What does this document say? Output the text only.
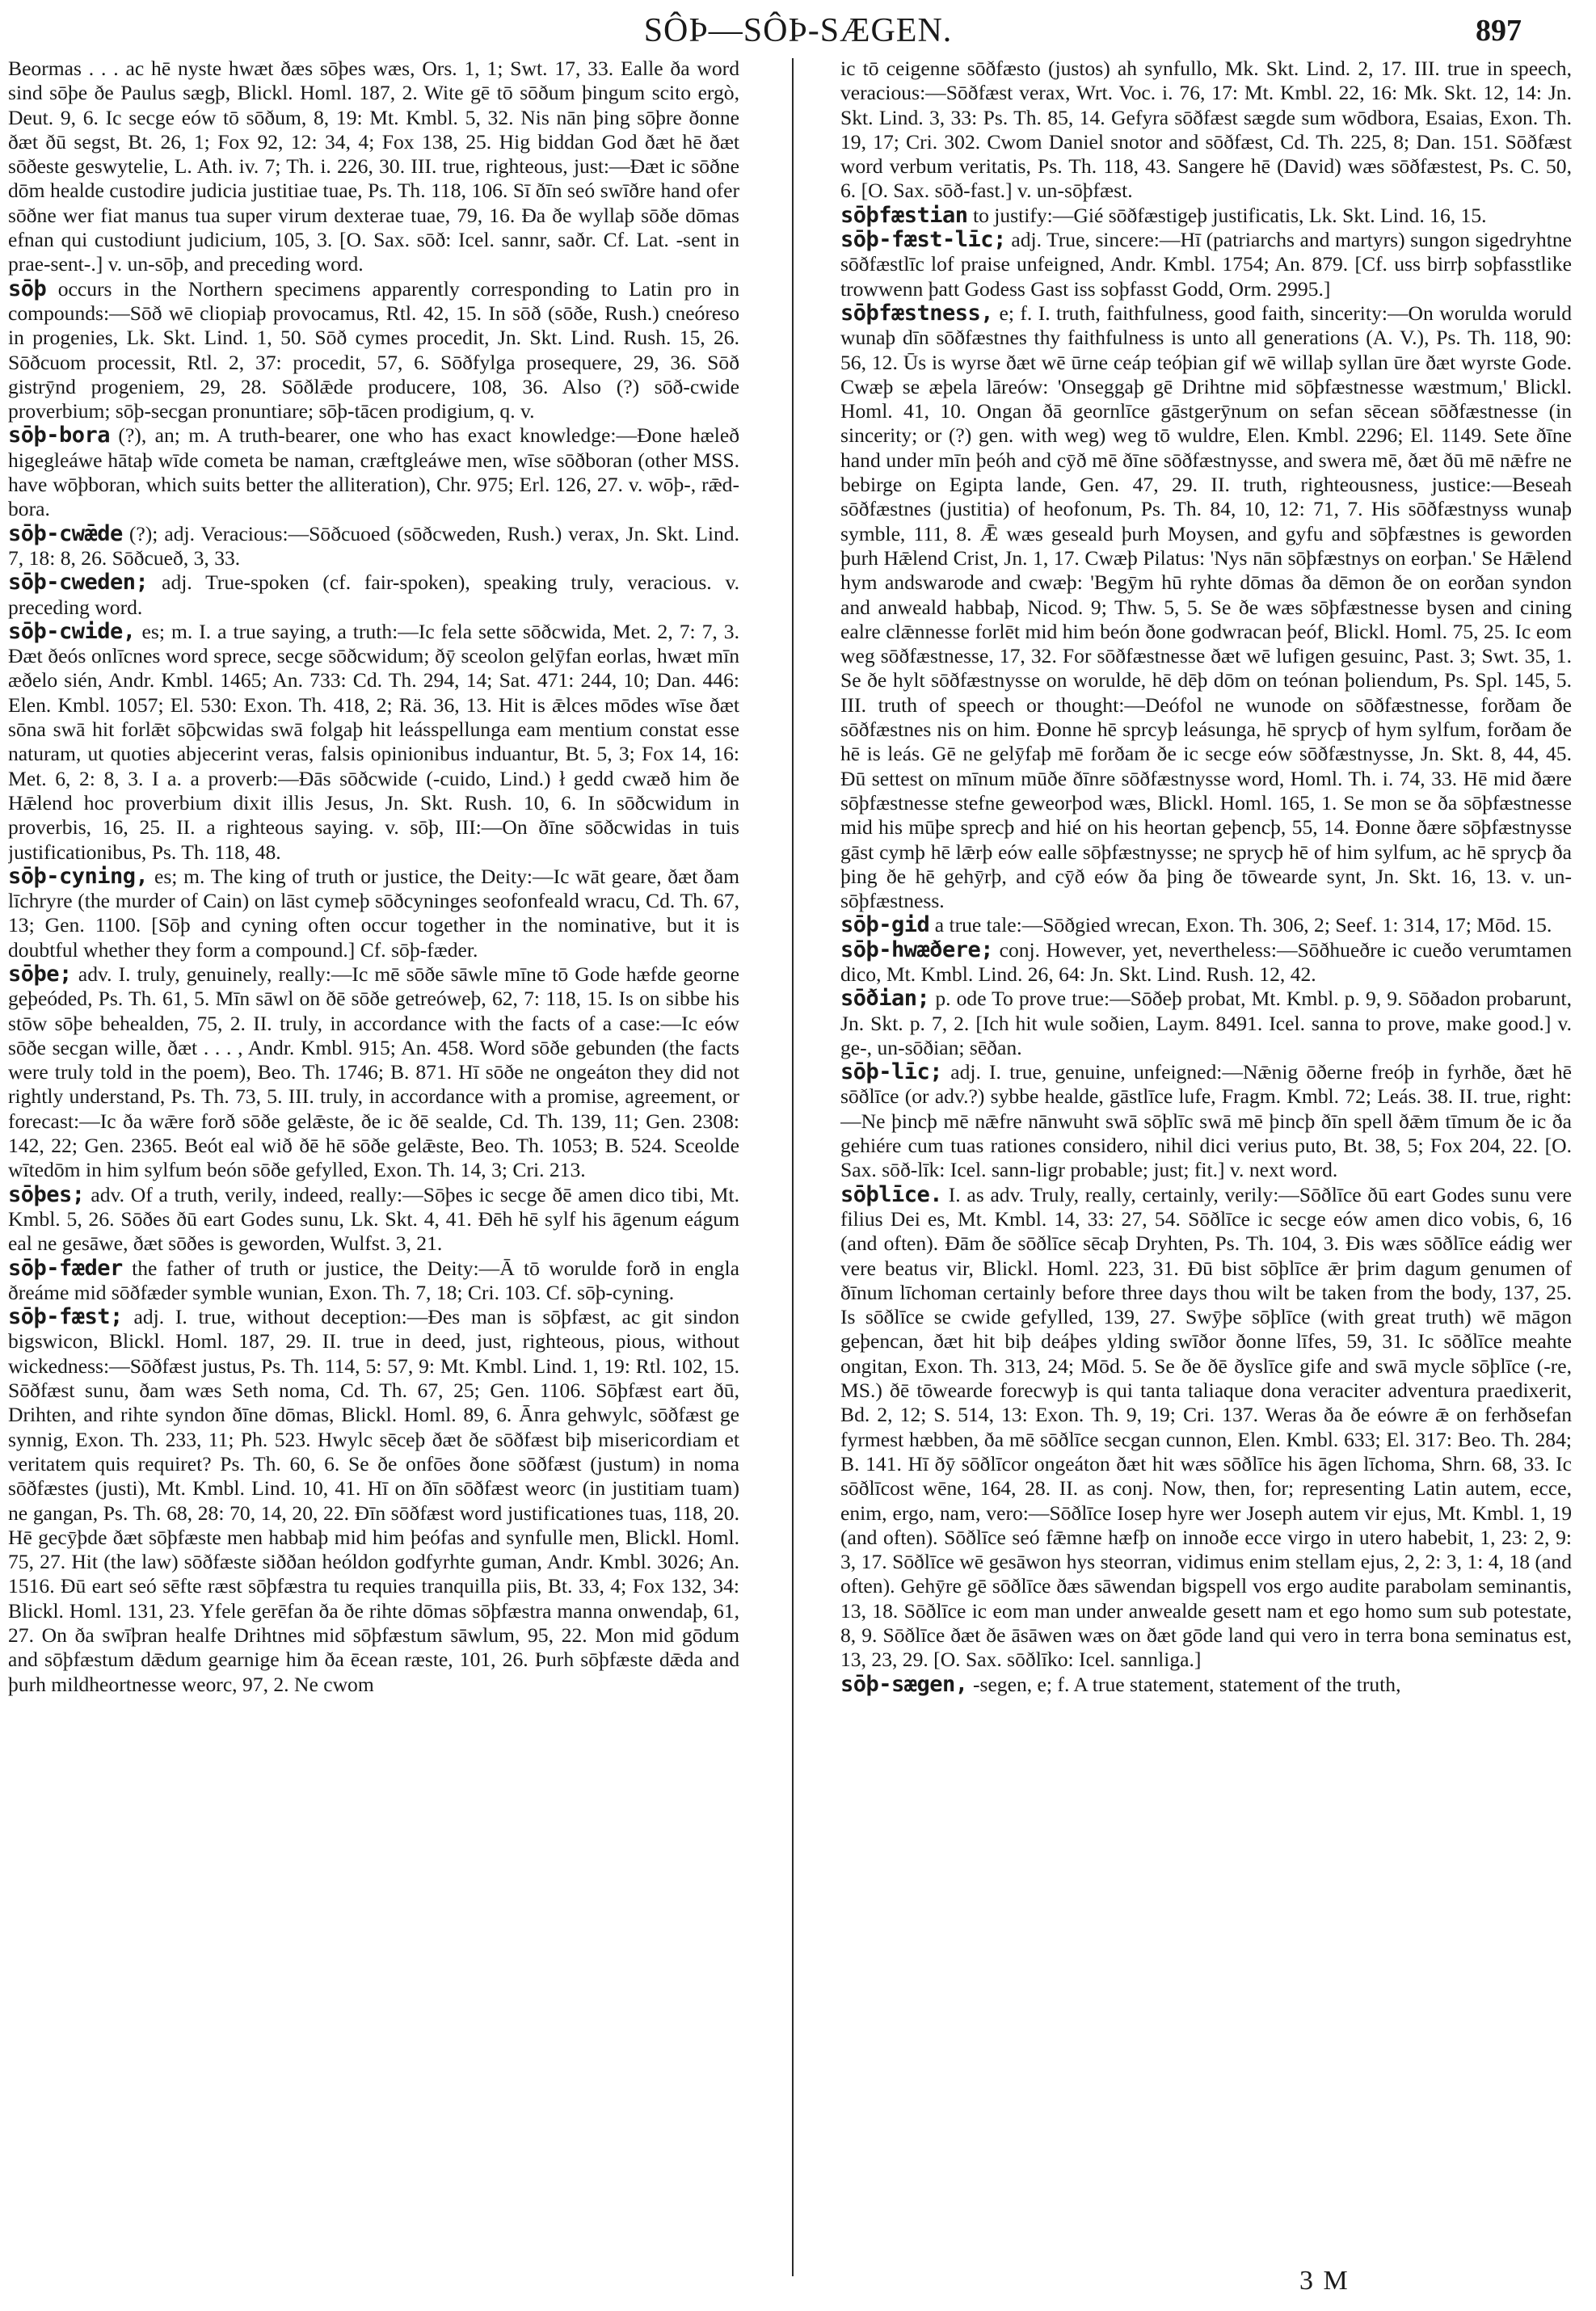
SÔÞ—SÔÞ-SÆGEN.	897

Beormas . . . ac hē nyste hwæt ðæs sōþes wæs, Ors. 1, 1; Swt. 17, 33. Ealle ða word sind sōþe ðe Paulus sægþ, Blickl. Homl. 187, 2. Wite gē tō sōðum þingum scito ergò, Deut. 9, 6. Ic secge eów tō sōðum, 8, 19: Mt. Kmbl. 5, 32. Nis nān þing sōþre ðonne ðæt ðū segst, Bt. 26, 1; Fox 92, 12: 34, 4; Fox 138, 25. Hig biddan God ðæt hē ðæt sōðeste geswytelie, L. Ath. iv. 7; Th. i. 226, 30. III. true, righteous, just:—Ðæt ic sōðne dōm healde custodire judicia justitiae tuae, Ps. Th. 118, 106. Sī ðīn seó swīðre hand ofer sōðne wer fiat manus tua super virum dexterae tuae, 79, 16. Ða ðe wyllaþ sōðe dōmas efnan qui custodiunt judicium, 105, 3. [O. Sax. sōð: Icel. sannr, saðr. Cf. Lat. -sent in prae-sent-.] v. un-sōþ, and preceding word.

sōþ occurs in the Northern specimens apparently corresponding to Latin pro in compounds:—Sōð wē cliopiaþ provocamus, Rtl. 42, 15. In sōð (sōðe, Rush.) cneóreso in progenies, Lk. Skt. Lind. 1, 50. Sōð cymes procedit, Jn. Skt. Lind. Rush. 15, 26. Sōðcuom processit, Rtl. 2, 37: procedit, 57, 6. Sōðfylga prosequere, 29, 36. Sōð gistrȳnd progeniem, 29, 28. Sōðlǣde producere, 108, 36. Also (?) sōð-cwide proverbium; sōþ-secgan pronuntiare; sōþ-tācen prodigium, q. v.

sōþ-bora (?), an; m. A truth-bearer, one who has exact knowledge:—Ðone hæleð higegleáwe hātaþ wīde cometa be naman, cræftgleáwe men, wīse sōðboran (other MSS. have wōþboran, which suits better the alliteration), Chr. 975; Erl. 126, 27. v. wōþ-, rǣd-bora.

sōþ-cwǣde (?); adj. Veracious:—Sōðcuoed (sōðcweden, Rush.) verax, Jn. Skt. Lind. 7, 18: 8, 26. Sōðcueð, 3, 33.

sōþ-cweden; adj. True-spoken (cf. fair-spoken), speaking truly, veracious. v. preceding word.

sōþ-cwide, es; m. I. a true saying, a truth:—Ic fela sette sōðcwida, Met. 2, 7: 7, 3. Ðæt ðeós onlīcnes word sprece, secge sōðcwidum; ðȳ sceolon gelȳfan eorlas, hwæt mīn æðelo sién, Andr. Kmbl. 1465; An. 733: Cd. Th. 294, 14; Sat. 471: 244, 10; Dan. 446: Elen. Kmbl. 1057; El. 530: Exon. Th. 418, 2; Rä. 36, 13. Hit is ǣlces mōdes wīse ðæt sōna swā hit forlǣt sōþcwidas swā folgaþ hit leásspellunga eam mentium constat esse naturam, ut quoties abjecerint veras, falsis opinionibus induantur, Bt. 5, 3; Fox 14, 16: Met. 6, 2: 8, 3. I a. a proverb:—Ðās sōðcwide (-cuido, Lind.) ł gedd cwæð him ðe Hǣlend hoc proverbium dixit illis Jesus, Jn. Skt. Rush. 10, 6. In sōðcwidum in proverbis, 16, 25. II. a righteous saying. v. sōþ, III:—On ðīne sōðcwidas in tuis justificationibus, Ps. Th. 118, 48.

sōþ-cyning, es; m. The king of truth or justice, the Deity:—Ic wāt geare, ðæt ðam līchryre (the murder of Cain) on lāst cymeþ sōðcyninges seofonfeald wracu, Cd. Th. 67, 13; Gen. 1100. [Sōþ and cyning often occur together in the nominative, but it is doubtful whether they form a compound.] Cf. sōþ-fæder.

sōþe; adv. I. truly, genuinely, really:—Ic mē sōðe sāwle mīne tō Gode hæfde georne geþeóded, Ps. Th. 61, 5. Mīn sāwl on ðē sōðe getreóweþ, 62, 7: 118, 15. Is on sibbe his stōw sōþe behealden, 75, 2. II. truly, in accordance with the facts of a case:—Ic eów sōðe secgan wille, ðæt . . . , Andr. Kmbl. 915; An. 458. Word sōðe gebunden (the facts were truly told in the poem), Beo. Th. 1746; B. 871. Hī sōðe ne ongeáton they did not rightly understand, Ps. Th. 73, 5. III. truly, in accordance with a promise, agreement, or forecast:—Ic ða wǣre forð sōðe gelǣste, ðe ic ðē sealde, Cd. Th. 139, 11; Gen. 2308: 142, 22; Gen. 2365. Beót eal wið ðē hē sōðe gelǣste, Beo. Th. 1053; B. 524. Sceolde wītedōm in him sylfum beón sōðe gefylled, Exon. Th. 14, 3; Cri. 213.

sōþes; adv. Of a truth, verily, indeed, really:—Sōþes ic secge ðē amen dico tibi, Mt. Kmbl. 5, 26. Sōðes ðū eart Godes sunu, Lk. Skt. 4, 41. Ðēh hē sylf his āgenum eágum eal ne gesāwe, ðæt sōðes is geworden, Wulfst. 3, 21.

sōþ-fæder the father of truth or justice, the Deity:—Ā tō worulde forð in engla ðreáme mid sōðfæder symble wunian, Exon. Th. 7, 18; Cri. 103. Cf. sōþ-cyning.

sōþ-fæst; adj. I. true, without deception:—Ðes man is sōþfæst, ac git sindon bigswicon, Blickl. Homl. 187, 29. II. true in deed, just, righteous, pious, without wickedness:—Sōðfæst justus, Ps. Th. 114, 5: 57, 9: Mt. Kmbl. Lind. 1, 19: Rtl. 102, 15. Sōðfæst sunu, ðam wæs Seth noma, Cd. Th. 67, 25; Gen. 1106. Sōþfæst eart ðū, Drihten, and rihte syndon ðīne dōmas, Blickl. Homl. 89, 6. Ānra gehwylc, sōðfæst ge synnig, Exon. Th. 233, 11; Ph. 523. Hwylc sēceþ ðæt ðe sōðfæst biþ misericordiam et veritatem quis requiret? Ps. Th. 60, 6. Se ðe onfōes ðone sōðfæst (justum) in noma sōðfæstes (justi), Mt. Kmbl. Lind. 10, 41. Hī on ðīn sōðfæst weorc (in justitiam tuam) ne gangan, Ps. Th. 68, 28: 70, 14, 20, 22. Ðīn sōðfæst word justificationes tuas, 118, 20. Hē gecȳþde ðæt sōþfæste men habbaþ mid him þeófas and synfulle men, Blickl. Homl. 75, 27. Hit (the law) sōðfæste siððan heóldon godfyrhte guman, Andr. Kmbl. 3026; An. 1516. Ðū eart seó sēfte ræst sōþfæstra tu requies tranquilla piis, Bt. 33, 4; Fox 132, 34: Blickl. Homl. 131, 23. Yfele gerēfan ða ðe rihte dōmas sōþfæstra manna onwendaþ, 61, 27. On ða swīþran healfe Drihtnes mid sōþfæstum sāwlum, 95, 22. Mon mid gōdum and sōþfæstum dǣdum gearnige him ða ēcean ræste, 101, 26. Þurh sōþfæste dǣda and þurh mildheortnesse weorc, 97, 2. Ne cwom

ic tō ceigenne sōðfæsto (justos) ah synfullo, Mk. Skt. Lind. 2, 17. III. true in speech, veracious:—Sōðfæst verax, Wrt. Voc. i. 76, 17: Mt. Kmbl. 22, 16: Mk. Skt. 12, 14: Jn. Skt. Lind. 3, 33: Ps. Th. 85, 14. Gefyra sōðfæst sægde sum wōdbora, Esaias, Exon. Th. 19, 17; Cri. 302. Cwom Daniel snotor and sōðfæst, Cd. Th. 225, 8; Dan. 151. Sōðfæst word verbum veritatis, Ps. Th. 118, 43. Sangere hē (David) wæs sōðfæstest, Ps. C. 50, 6. [O. Sax. sōð-fast.] v. un-sōþfæst.

sōþfæstian to justify:—Gié sōðfæstigeþ justificatis, Lk. Skt. Lind. 16, 15.

sōþ-fæst-līc; adj. True, sincere:—Hī (patriarchs and martyrs) sungon sigedryhtne sōðfæstlīc lof praise unfeigned, Andr. Kmbl. 1754; An. 879. [Cf. uss birrþ soþfasstlike trowwenn þatt Godess Gast iss soþfasst Godd, Orm. 2995.]

sōþfæstness, e; f. I. truth, faithfulness, good faith, sincerity:—On worulda woruld wunaþ dīn sōðfæstnes thy faithfulness is unto all generations (A. V.), Ps. Th. 118, 90: 56, 12. Ūs is wyrse ðæt wē ūrne ceáp teóþian gif wē willaþ syllan ūre ðæt wyrste Gode. Cwæþ se æþela lāreów: 'Onseggaþ gē Drihtne mid sōþfæstnesse wæstmum,' Blickl. Homl. 41, 10. Ongan ðā geornlīce gāstgerȳnum on sefan sēcean sōðfæstnesse (in sincerity; or (?) gen. with weg) weg tō wuldre, Elen. Kmbl. 2296; El. 1149. Sete ðīne hand under mīn þeóh and cȳð mē ðīne sōðfæstnysse, and swera mē, ðæt ðū mē nǣfre ne bebirge on Egipta lande, Gen. 47, 29. II. truth, righteousness, justice:—Beseah sōðfæstnes (justitia) of heofonum, Ps. Th. 84, 10, 12: 71, 7. His sōðfæstnyss wunaþ symble, 111, 8. Ǣ wæs geseald þurh Moysen, and gyfu and sōþfæstnes is geworden þurh Hǣlend Crist, Jn. 1, 17. Cwæþ Pilatus: 'Nys nān sōþfæstnys on eorþan.' Se Hǣlend hym andswarode and cwæþ: 'Begȳm hū ryhte dōmas ða dēmon ðe on eorðan syndon and anweald habbaþ, Nicod. 9; Thw. 5, 5. Se ðe wæs sōþfæstnesse bysen and cining ealre clǣnnesse forlēt mid him beón ðone godwracan þeóf, Blickl. Homl. 75, 25. Ic eom weg sōðfæstnesse, 17, 32. For sōðfæstnesse ðæt wē lufigen gesuinc, Past. 3; Swt. 35, 1. Se ðe hylt sōðfæstnysse on woruldе, hē dēþ dōm on teónan þoliendum, Ps. Spl. 145, 5. III. truth of speech or thought:—Deófol ne wunode on sōðfæstnesse, forðam ðe sōðfæstnes nis on him. Ðonne hē sprcyþ leásunga, hē spryсþ of hym sylfum, forðam ðe hē is leás. Gē ne gelȳfaþ mē forðam ðe ic secge eów sōðfæstnysse, Jn. Skt. 8, 44, 45. Ðū settest on mīnum mūðe ðīnre sōðfæstnysse word, Homl. Th. i. 74, 33. Hē mid ðære sōþfæstnesse stefne geweorþod wæs, Blickl. Homl. 165, 1. Se mon se ða sōþfæstnesse mid his mūþe sprecþ and hié on his heortan geþencþ, 55, 14. Ðonne ðære sōþfæstnysse gāst cymþ hē lǣrþ eów ealle sōþfæstnysse; ne sprycþ hē of him sylfum, ac hē sprycþ ða þing ðe hē gehȳrþ, and cȳð eów ða þing ðe tōwearde synt, Jn. Skt. 16, 13. v. un-sōþfæstness.

sōþ-gid a true tale:—Sōðgied wrecan, Exon. Th. 306, 2; Seef. 1: 314, 17; Mōd. 15.

sōþ-hwæðere; conj. However, yet, nevertheless:—Sōðhueðre ic cueðo verumtamen dico, Mt. Kmbl. Lind. 26, 64: Jn. Skt. Lind. Rush. 12, 42.

sōðian; p. ode To prove true:—Sōðeþ probat, Mt. Kmbl. p. 9, 9. Sōðadon probarunt, Jn. Skt. p. 7, 2. [Ich hit wule soðien, Laym. 8491. Icel. sanna to prove, make good.] v. ge-, un-sōðian; sēðan.

sōþ-līc; adj. I. true, genuine, unfeigned:—Nǣnig ōðerne freóþ in fyrhðe, ðæt hē sōðlīce (or adv.?) sybbe healde, gāstlīce lufe, Fragm. Kmbl. 72; Leás. 38. II. true, right:—Ne þincþ mē nǣfre nānwuht swā sōþlīc swā mē þincþ ðīn spell ðǣm tīmum ðe ic ða gehiére cum tuas rationes considero, nihil dici verius puto, Bt. 38, 5; Fox 204, 22. [O. Sax. sōð-līk: Icel. sann-ligr probable; just; fit.] v. next word.

sōþlīce. I. as adv. Truly, really, certainly, verily:—Sōðlīce ðū eart Godes sunu vere filius Dei es, Mt. Kmbl. 14, 33: 27, 54. Sōðlīce ic secge eów amen dico vobis, 6, 16 (and often). Ðām ðe sōðlīce sēcaþ Dryhten, Ps. Th. 104, 3. Ðis wæs sōðlīce eádig wer vere beatus vir, Blickl. Homl. 223, 31. Ðū bist sōþlīce ǣr þrim dagum genumen of ðīnum līchoman certainly before three days thou wilt be taken from the body, 137, 25. Is sōðlīce se cwide gefylled, 139, 27. Swȳþe sōþlīce (with great truth) wē māgon geþencan, ðæt hit biþ deáþes ylding swīðor ðonne līfes, 59, 31. Ic sōðlīce meahte ongitan, Exon. Th. 313, 24; Mōd. 5. Se ðe ðē ðyslīce gife and swā mycle sōþlīce (-re, MS.) ðē tōwearde forecwyþ is qui tanta taliaque dona veraciter adventura praedixerit, Bd. 2, 12; S. 514, 13: Exon. Th. 9, 19; Cri. 137. Weras ða ðe eówre ǣ on ferhðsefan fyrmest hæbben, ða mē sōðlīce secgan cunnon, Elen. Kmbl. 633; El. 317: Beo. Th. 284; B. 141. Hī ðȳ sōðlīcor ongeáton ðæt hit wæs sōðlīce his āgen līchoma, Shrn. 68, 33. Ic sōðlīcost wēne, 164, 28. II. as conj. Now, then, for; representing Latin autem, ecce, enim, ergo, nam, vero:—Sōðlīce Iosep hyre wer Joseph autem vir ejus, Mt. Kmbl. 1, 19 (and often). Sōðlīce seó fǣmne hæfþ on innoðe ecce virgo in utero habebit, 1, 23: 2, 9: 3, 17. Sōðlīce wē gesāwon hys steorran, vidimus enim stellam ejus, 2, 2: 3, 1: 4, 18 (and often). Gehȳre gē sōðlīce ðæs sāwendan bigspell vos ergo audite parabolam seminantis, 13, 18. Sōðlīce ic eom man under anwealde gesett nam et ego homo sum sub potestate, 8, 9. Sōðlīce ðæt ðe āsāwen wæs on ðæt gōde land qui vero in terra bona seminatus est, 13, 23, 29. [O. Sax. sōðlīko: Icel. sannliga.]

sōþ-sægen, -segen, e; f. A true statement, statement of the truth,

3 M
